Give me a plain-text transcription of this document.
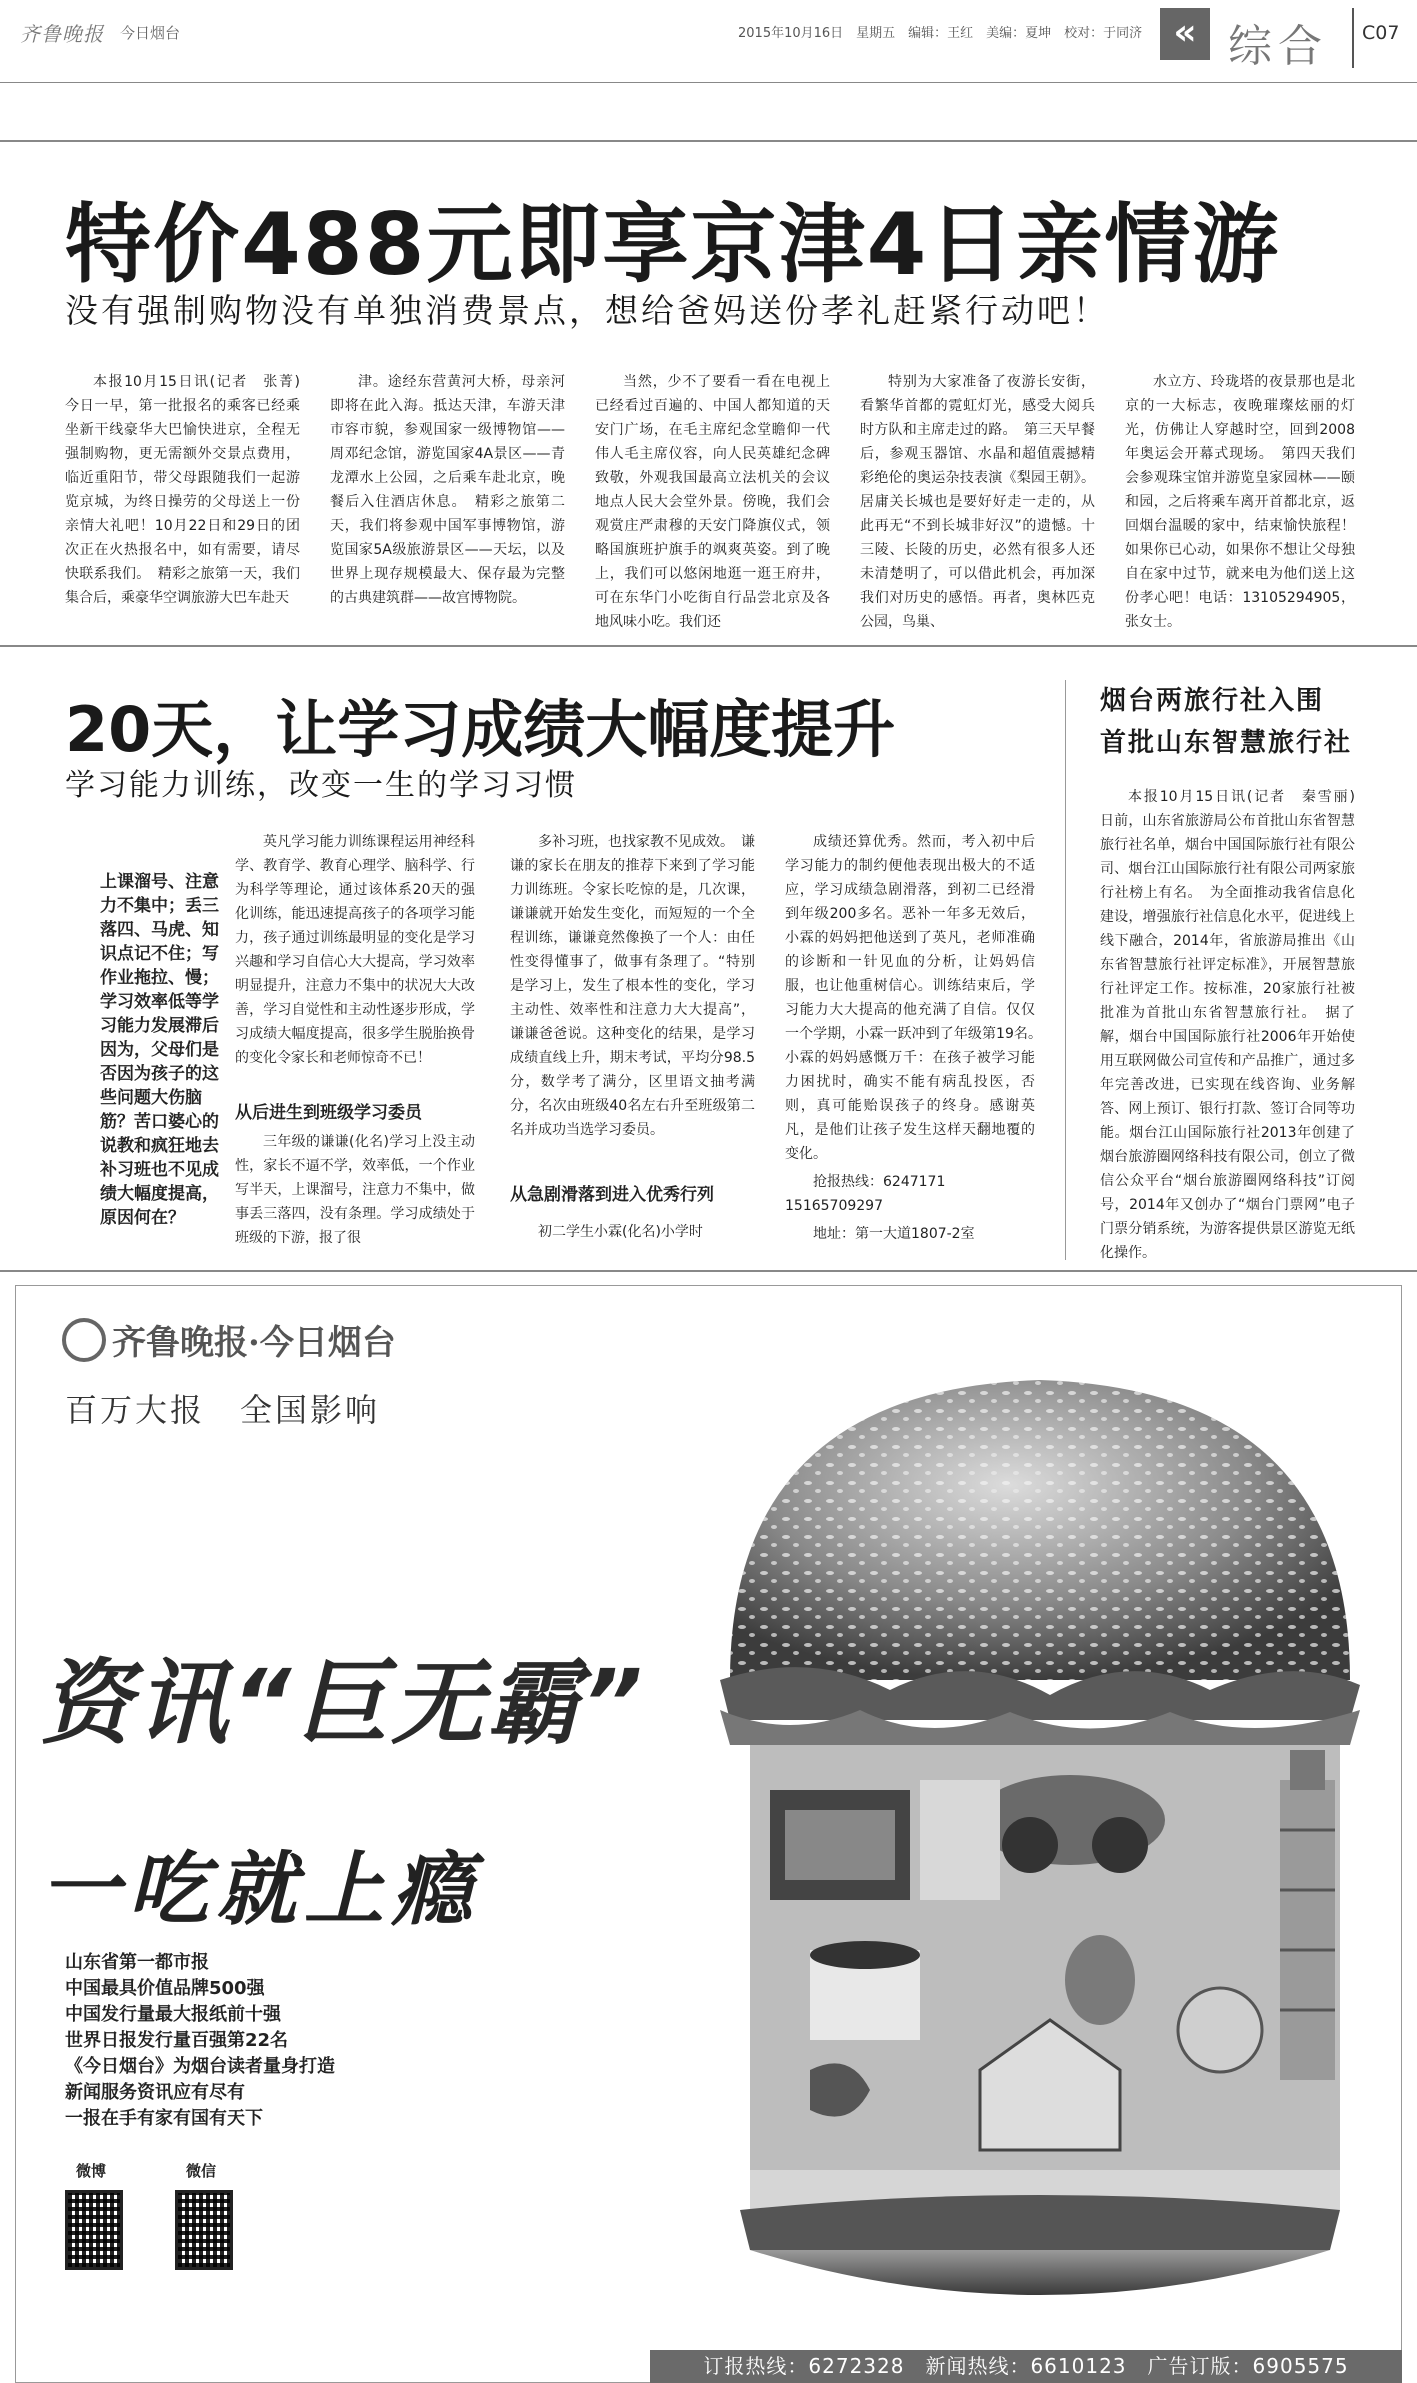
齐鲁晚报 今日烟台	2015年10月16日　星期五　编辑：王红　美编：夏坤　校对：于同济 « 综合 C07
特价488元即享京津4日亲情游
没有强制购物没有单独消费景点，想给爸妈送份孝礼赶紧行动吧！

本报10月15日讯(记者　张菁)　今日一早，第一批报名的乘客已经乘坐新干线豪华大巴愉快进京，全程无强制购物，更无需额外交景点费用，临近重阳节，带父母跟随我们一起游览京城，为终日操劳的父母送上一份亲情大礼吧！10月22日和29日的团次正在火热报名中，如有需要，请尽快联系我们。　精彩之旅第一天，我们集合后，乘豪华空调旅游大巴车赴天

津。途经东营黄河大桥，母亲河即将在此入海。抵达天津，车游天津市容市貌，参观国家一级博物馆——周邓纪念馆，游览国家4A景区——青龙潭水上公园，之后乘车赴北京，晚餐后入住酒店休息。　精彩之旅第二天，我们将参观中国军事博物馆，游览国家5A级旅游景区——天坛，以及世界上现存规模最大、保存最为完整的古典建筑群——故宫博物院。

当然，少不了要看一看在电视上已经看过百遍的、中国人都知道的天安门广场，在毛主席纪念堂瞻仰一代伟人毛主席仪容，向人民英雄纪念碑致敬，外观我国最高立法机关的会议地点人民大会堂外景。傍晚，我们会观赏庄严肃穆的天安门降旗仪式，领略国旗班护旗手的飒爽英姿。到了晚上，我们可以悠闲地逛一逛王府井，可在东华门小吃街自行品尝北京及各地风味小吃。我们还

特别为大家准备了夜游长安街，看繁华首都的霓虹灯光，感受大阅兵时方队和主席走过的路。　第三天早餐后，参观玉器馆、水晶和超值震撼精彩绝伦的奥运杂技表演《梨园王朝》。居庸关长城也是要好好走一走的，从此再无“不到长城非好汉”的遗憾。十三陵、长陵的历史，必然有很多人还未清楚明了，可以借此机会，再加深我们对历史的感悟。再者，奥林匹克公园，鸟巢、

水立方、玲珑塔的夜景那也是北京的一大标志，夜晚璀璨炫丽的灯光，仿佛让人穿越时空，回到2008年奥运会开幕式现场。　第四天我们会参观珠宝馆并游览皇家园林——颐和园，之后将乘车离开首都北京，返回烟台温暖的家中，结束愉快旅程！　如果你已心动，如果你不想让父母独自在家中过节，就来电为他们送上这份孝心吧！电话：13105294905，张女士。

20天，让学习成绩大幅度提升
学习能力训练，改变一生的学习习惯
上课溜号、注意力不集中；丢三落四、马虎、知识点记不住；写作业拖拉、慢；学习效率低等学习能力发展滞后因为，父母们是否因为孩子的这些问题大伤脑筋？苦口婆心的说教和疯狂地去补习班也不见成绩大幅度提高，原因何在？

英凡学习能力训练课程运用神经科学、教育学、教育心理学、脑科学、行为科学等理论，通过该体系20天的强化训练，能迅速提高孩子的各项学习能力，孩子通过训练最明显的变化是学习兴趣和学习自信心大大提高，学习效率明显提升，注意力不集中的状况大大改善，学习自觉性和主动性逐步形成，学习成绩大幅度提高，很多学生脱胎换骨的变化令家长和老师惊奇不已！

从后进生到班级学习委员

三年级的谦谦(化名)学习上没主动性，家长不逼不学，效率低，一个作业写半天，上课溜号，注意力不集中，做事丢三落四，没有条理。学习成绩处于班级的下游，报了很

多补习班，也找家教不见成效。　谦谦的家长在朋友的推荐下来到了学习能力训练班。令家长吃惊的是，几次课，谦谦就开始发生变化，而短短的一个全程训练，谦谦竟然像换了一个人：由任性变得懂事了，做事有条理了。“特别是学习上，发生了根本性的变化，学习主动性、效率性和注意力大大提高”，谦谦爸爸说。这种变化的结果，是学习成绩直线上升，期末考试，平均分98.5分，数学考了满分，区里语文抽考满分，名次由班级40名左右升至班级第二名并成功当选学习委员。

从急剧滑落到进入优秀行列

初二学生小霖(化名)小学时

成绩还算优秀。然而，考入初中后学习能力的制约便他表现出极大的不适应，学习成绩急剧滑落，到初二已经滑到年级200多名。恶补一年多无效后，小霖的妈妈把他送到了英凡，老师准确的诊断和一针见血的分析，让妈妈信服，也让他重树信心。训练结束后，学习能力大大提高的他充满了自信。仅仅一个学期，小霖一跃冲到了年级第19名。　小霖的妈妈感慨万千：在孩子被学习能力困扰时，确实不能有病乱投医，否则，真可能贻误孩子的终身。感谢英凡，是他们让孩子发生这样天翻地覆的变化。

抢报热线：6247171　15165709297

地址：第一大道1807-2室

烟台两旅行社入围
首批山东智慧旅行社

本报10月15日讯(记者　秦雪丽)　日前，山东省旅游局公布首批山东省智慧旅行社名单，烟台中国国际旅行社有限公司、烟台江山国际旅行社有限公司两家旅行社榜上有名。　为全面推动我省信息化建设，增强旅行社信息化水平，促进线上线下融合，2014年，省旅游局推出《山东省智慧旅行社评定标准》，开展智慧旅行社评定工作。按标准，20家旅行社被批准为首批山东省智慧旅行社。　据了解，烟台中国国际旅行社2006年开始使用互联网做公司宣传和产品推广，通过多年完善改进，已实现在线咨询、业务解答、网上预订、银行打款、签订合同等功能。烟台江山国际旅行社2013年创建了烟台旅游圈网络科技有限公司，创立了微信公众平台“烟台旅游圈网络科技”订阅号，2014年又创办了“烟台门票网”电子门票分销系统，为游客提供景区游览无纸化操作。

齐鲁晚报·今日烟台
百万大报　全国影响
资讯“巨无霸”
一吃就上瘾
山东省第一都市报
中国最具价值品牌500强
中国发行量最大报纸前十强
世界日报发行量百强第22名
《今日烟台》为烟台读者量身打造
新闻服务资讯应有尽有
一报在手有家有国有天下
微博	微信
订报热线：6272328　新闻热线：6610123　广告订版：6905575
